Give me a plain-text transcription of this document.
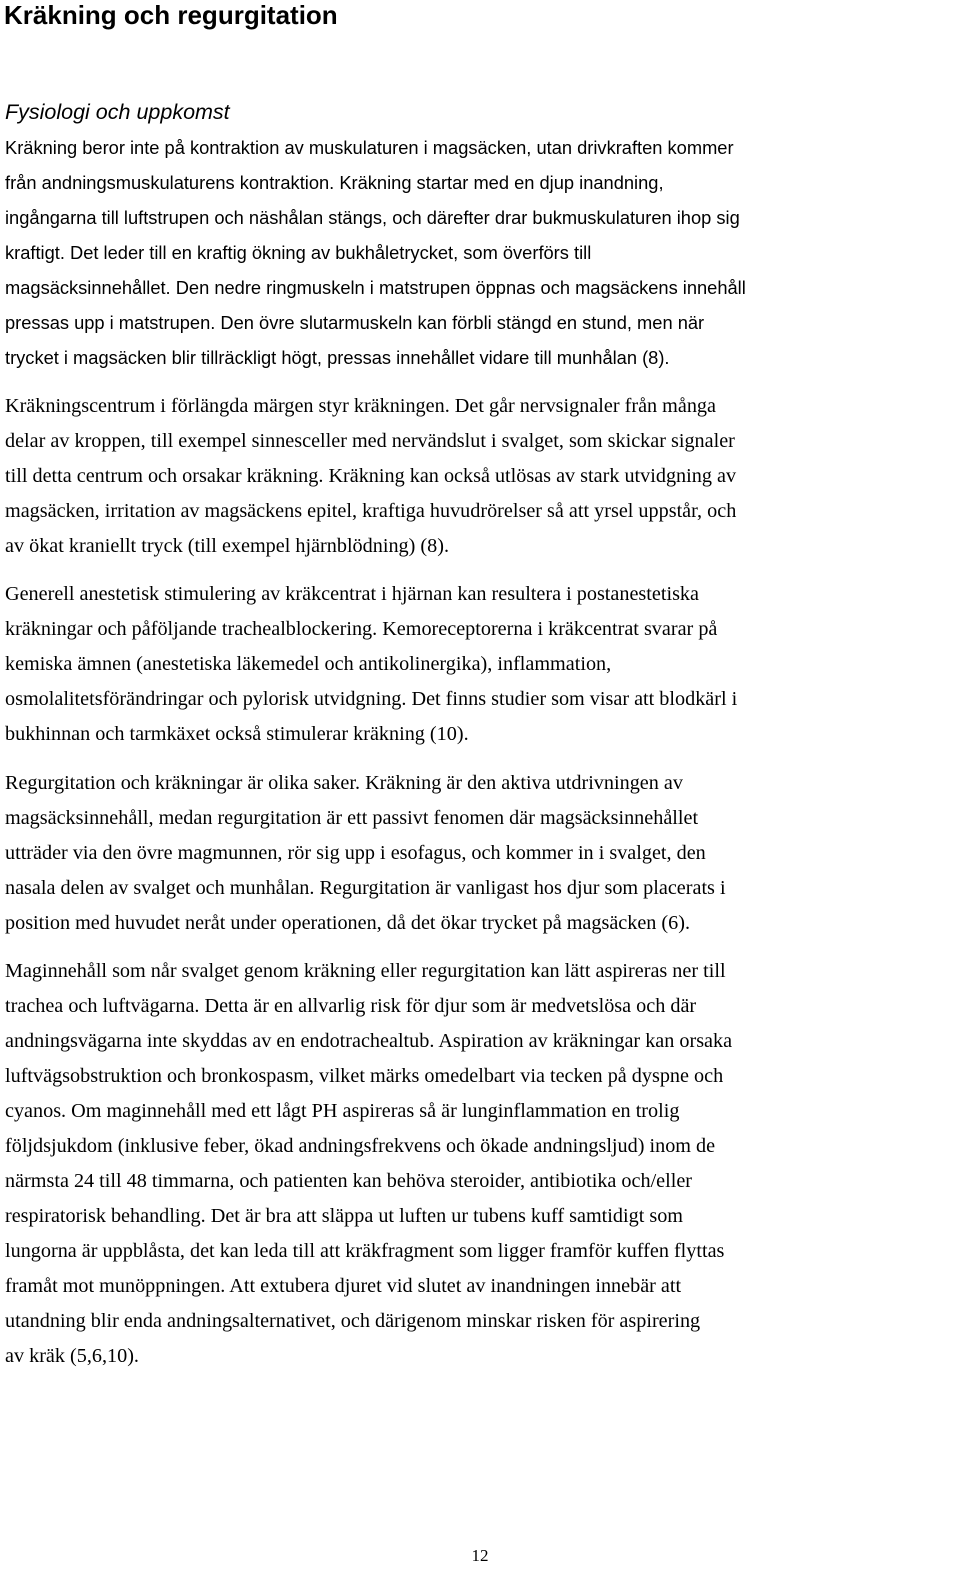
Kräkning och regurgitation
Fysiologi och uppkomst

Kräkning beror inte på kontraktion av muskulaturen i magsäcken, utan drivkraften kommer

från andningsmuskulaturens kontraktion. Kräkning startar med en djup inandning,

ingångarna till luftstrupen och näshålan stängs, och därefter drar bukmuskulaturen ihop sig

kraftigt. Det leder till en kraftig ökning av bukhåletrycket, som överförs till

magsäcksinnehållet. Den nedre ringmuskeln i matstrupen öppnas och magsäckens innehåll

pressas upp i matstrupen. Den övre slutarmuskeln kan förbli stängd en stund, men när

trycket i magsäcken blir tillräckligt högt, pressas innehållet vidare till munhålan (8).

Kräkningscentrum i förlängda märgen styr kräkningen. Det går nervsignaler från många

delar av kroppen, till exempel sinnesceller med nervändslut i svalget, som skickar signaler

till detta centrum och orsakar kräkning. Kräkning kan också utlösas av stark utvidgning av

magsäcken, irritation av magsäckens epitel, kraftiga huvudrörelser så att yrsel uppstår, och

av ökat kraniellt tryck (till exempel hjärnblödning) (8).

Generell anestetisk stimulering av kräkcentrat i hjärnan kan resultera i postanestetiska

kräkningar och påföljande trachealblockering. Kemoreceptorerna i kräkcentrat svarar på

kemiska ämnen (anestetiska läkemedel och antikolinergika), inflammation,

osmolalitetsförändringar och pylorisk utvidgning. Det finns studier som visar att blodkärl i

bukhinnan och tarmkäxet också stimulerar kräkning (10).

Regurgitation och kräkningar är olika saker. Kräkning är den aktiva utdrivningen av

magsäcksinnehåll, medan regurgitation är ett passivt fenomen där magsäcksinnehållet

utträder via den övre magmunnen, rör sig upp i esofagus, och kommer in i svalget, den

nasala delen av svalget och munhålan. Regurgitation är vanligast hos djur som placerats i

position med huvudet neråt under operationen, då det ökar trycket på magsäcken (6).

Maginnehåll som når svalget genom kräkning eller regurgitation kan lätt aspireras ner till

trachea och luftvägarna. Detta är en allvarlig risk för djur som är medvetslösa och där

andningsvägarna inte skyddas av en endotrachealtub. Aspiration av kräkningar kan orsaka

luftvägsobstruktion och bronkospasm, vilket märks omedelbart via tecken på dyspne och

cyanos. Om maginnehåll med ett lågt PH aspireras så är lunginflammation en trolig

följdsjukdom (inklusive feber, ökad andningsfrekvens och ökade andningsljud) inom de

närmsta 24 till 48 timmarna, och patienten kan behöva steroider, antibiotika och/eller

respiratorisk behandling. Det är bra att släppa ut luften ur tubens kuff samtidigt som

lungorna är uppblåsta, det kan leda till att kräkfragment som ligger framför kuffen flyttas

framåt mot munöppningen. Att extubera djuret vid slutet av inandningen innebär att

utandning blir enda andningsalternativet, och därigenom minskar risken för aspirering

av kräk (5,6,10).

12
